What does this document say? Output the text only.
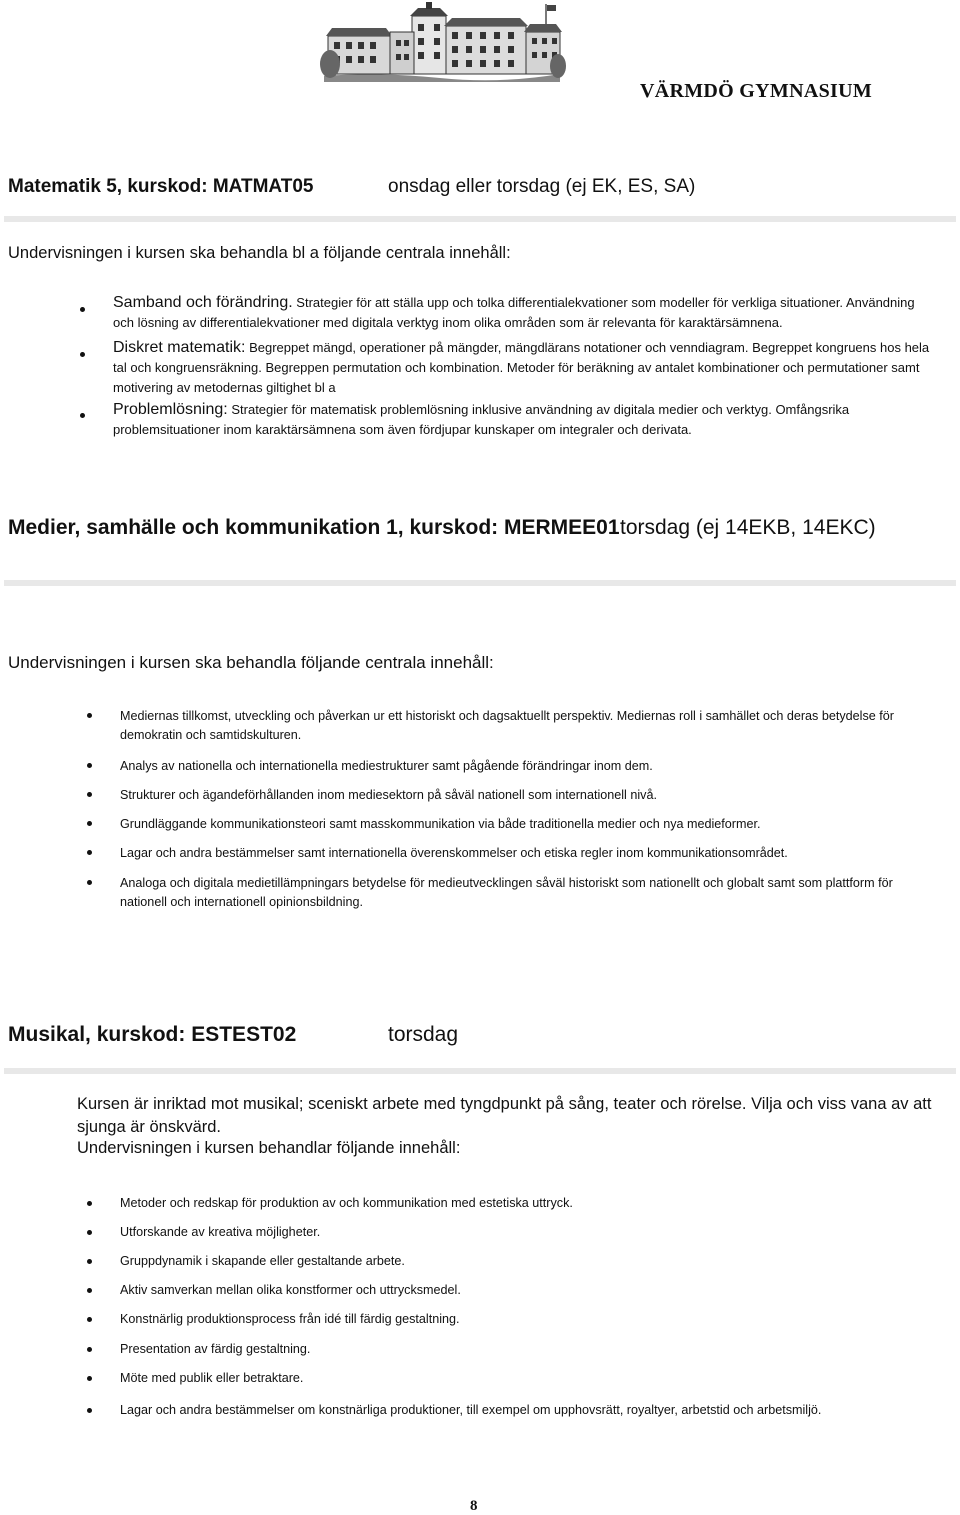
VÄRMDÖ GYMNASIUM
Matematik 5, kurskod: MATMAT05	onsdag eller torsdag (ej EK, ES, SA)
Undervisningen i kursen ska behandla bl a följande centrala innehåll:
Samband och förändring. Strategier för att ställa upp och tolka differentialekvationer som modeller för verkliga situationer. Användning och lösning av differentialekvationer med digitala verktyg inom olika områden som är relevanta för karaktärsämnena.
Diskret matematik: Begreppet mängd, operationer på mängder, mängdlärans notationer och venndiagram. Begreppet kongruens hos hela tal och kongruensräkning. Begreppen permutation och kombination. Metoder för beräkning av antalet kombinationer och permutationer samt motivering av metodernas giltighet bl a
Problemlösning: Strategier för matematisk problemlösning inklusive användning av digitala medier och verktyg. Omfångsrika problemsituationer inom karaktärsämnena som även fördjupar kunskaper om integraler och derivata.
Medier, samhälle och kommunikation 1, kurskod: MERMEE01 torsdag (ej 14EKB, 14EKC)
Undervisningen i kursen ska behandla följande centrala innehåll:
Mediernas tillkomst, utveckling och påverkan ur ett historiskt och dagsaktuellt perspektiv. Mediernas roll i samhället och deras betydelse för demokratin och samtidskulturen.
Analys av nationella och internationella mediestrukturer samt pågående förändringar inom dem.
Strukturer och ägandeförhållanden inom mediesektorn på såväl nationell som internationell nivå.
Grundläggande kommunikationsteori samt masskommunikation via både traditionella medier och nya medieformer.
Lagar och andra bestämmelser samt internationella överenskommelser och etiska regler inom kommunikationsområdet.
Analoga och digitala medietillämpningars betydelse för medieutvecklingen såväl historiskt som nationellt och globalt samt som plattform för nationell och internationell opinionsbildning.
Musikal, kurskod: ESTEST02	torsdag
Kursen är inriktad mot musikal; sceniskt arbete med tyngdpunkt på sång, teater och rörelse. Vilja och viss vana av att sjunga är önskvärd.
Undervisningen i kursen behandlar följande innehåll:
Metoder och redskap för produktion av och kommunikation med estetiska uttryck.
Utforskande av kreativa möjligheter.
Gruppdynamik i skapande eller gestaltande arbete.
Aktiv samverkan mellan olika konstformer och uttrycksmedel.
Konstnärlig produktionsprocess från idé till färdig gestaltning.
Presentation av färdig gestaltning.
Möte med publik eller betraktare.
Lagar och andra bestämmelser om konstnärliga produktioner, till exempel om upphovsrätt, royaltyer, arbetstid och arbetsmiljö.
8
